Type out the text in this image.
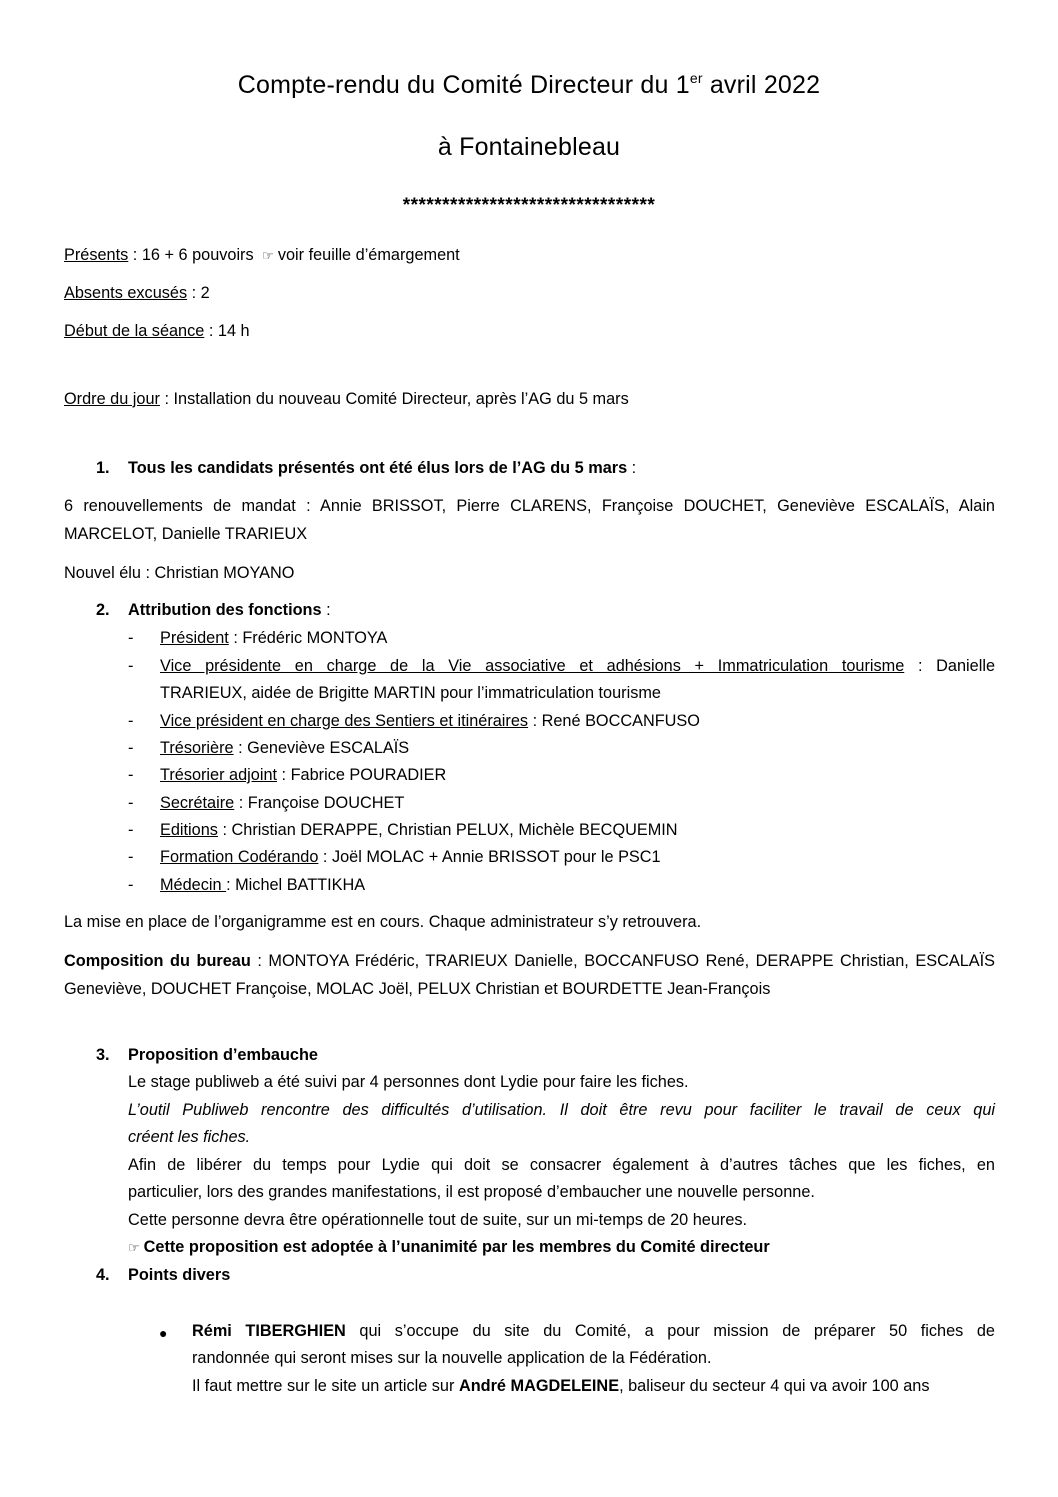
Compte-rendu du Comité Directeur du 1er avril 2022
à Fontainebleau
********************************
Présents : 16 + 6 pouvoirs ☞ voir feuille d’émargement
Absents excusés : 2
Début de la séance : 14 h
Ordre du jour : Installation du nouveau Comité Directeur, après l’AG du 5 mars
1. Tous les candidats présentés ont été élus lors de l’AG du 5 mars :
6 renouvellements de mandat : Annie BRISSOT, Pierre CLARENS, Françoise DOUCHET, Geneviève ESCALAÏS, Alain
MARCELOT, Danielle TRARIEUX
Nouvel élu : Christian MOYANO
2. Attribution des fonctions :
- Président : Frédéric MONTOYA
- Vice présidente en charge de la Vie associative et adhésions + Immatriculation tourisme : Danielle
TRARIEUX, aidée de Brigitte MARTIN pour l’immatriculation tourisme
- Vice président en charge des Sentiers et itinéraires : René BOCCANFUSO
- Trésorière : Geneviève ESCALAÏS
- Trésorier adjoint : Fabrice POURADIER
- Secrétaire : Françoise DOUCHET
- Editions : Christian DERAPPE, Christian PELUX, Michèle BECQUEMIN
- Formation Codérando : Joël MOLAC + Annie BRISSOT pour le PSC1
- Médecin : Michel BATTIKHA
La mise en place de l’organigramme est en cours. Chaque administrateur s’y retrouvera.
Composition du bureau : MONTOYA Frédéric, TRARIEUX Danielle, BOCCANFUSO René, DERAPPE Christian, ESCALAÏS
Geneviève, DOUCHET Françoise, MOLAC Joël, PELUX Christian et BOURDETTE Jean-François
3. Proposition d’embauche
Le stage publiweb a été suivi par 4 personnes dont Lydie pour faire les fiches.
L’outil Publiweb rencontre des difficultés d’utilisation. Il doit être revu pour faciliter le travail de ceux qui
créent les fiches.
Afin de libérer du temps pour Lydie qui doit se consacrer également à d’autres tâches que les fiches, en
particulier, lors des grandes manifestations, il est proposé d’embaucher une nouvelle personne.
Cette personne devra être opérationnelle tout de suite, sur un mi-temps de 20 heures.
☞ Cette proposition est adoptée à l’unanimité par les membres du Comité directeur
4. Points divers
● Rémi TIBERGHIEN qui s’occupe du site du Comité, a pour mission de préparer 50 fiches de
randonnée qui seront mises sur la nouvelle application de la Fédération.
Il faut mettre sur le site un article sur André MAGDELEINE, baliseur du secteur 4 qui va avoir 100 ans
